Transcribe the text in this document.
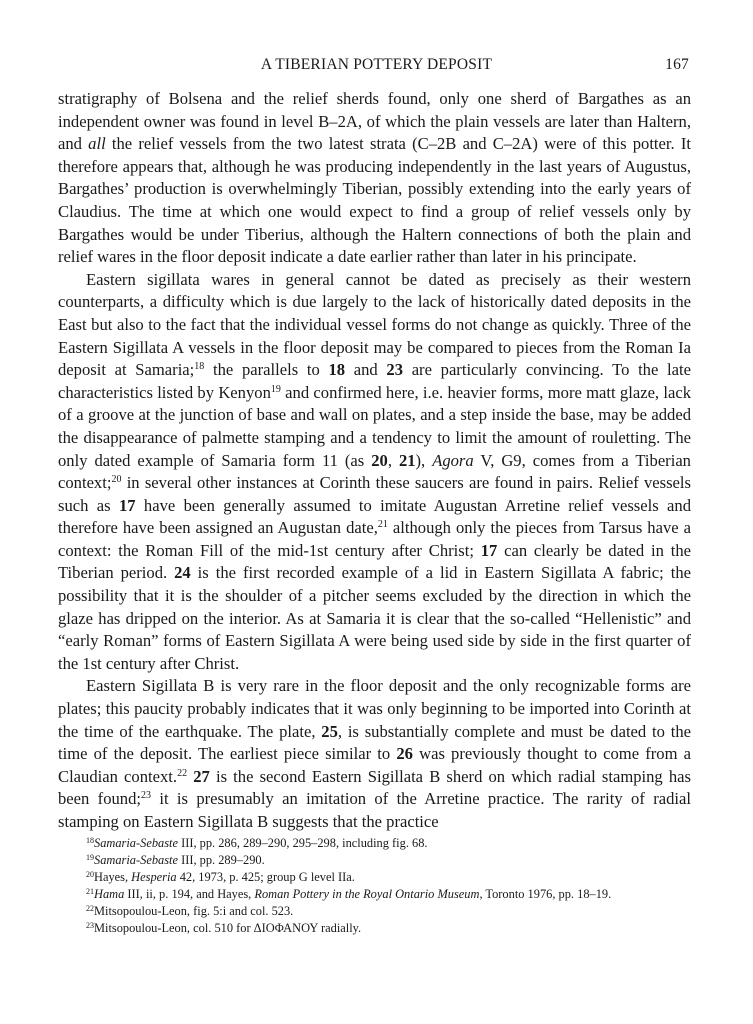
A TIBERIAN POTTERY DEPOSIT	167

stratigraphy of Bolsena and the relief sherds found, only one sherd of Bargathes as an independent owner was found in level B–2A, of which the plain vessels are later than Haltern, and all the relief vessels from the two latest strata (C–2B and C–2A) were of this potter. It therefore appears that, although he was producing independently in the last years of Augustus, Bargathes’ production is overwhelmingly Tiberian, possibly extending into the early years of Claudius. The time at which one would expect to find a group of relief vessels only by Bargathes would be under Tiberius, although the Haltern connections of both the plain and relief wares in the floor deposit indicate a date earlier rather than later in his principate.

Eastern sigillata wares in general cannot be dated as precisely as their western counterparts, a difficulty which is due largely to the lack of historically dated deposits in the East but also to the fact that the individual vessel forms do not change as quickly. Three of the Eastern Sigillata A vessels in the floor deposit may be compared to pieces from the Roman Ia deposit at Samaria;$^{18}$ the parallels to 18 and 23 are particularly convincing. To the late characteristics listed by Kenyon$^{19}$ and confirmed here, i.e. heavier forms, more matt glaze, lack of a groove at the junction of base and wall on plates, and a step inside the base, may be added the disappearance of palmette stamping and a tendency to limit the amount of rouletting. The only dated example of Samaria form 11 (as 20, 21), Agora V, G9, comes from a Tiberian context;$^{20}$ in several other instances at Corinth these saucers are found in pairs. Relief vessels such as 17 have been generally assumed to imitate Augustan Arretine relief vessels and therefore have been assigned an Augustan date,$^{21}$ although only the pieces from Tarsus have a context: the Roman Fill of the mid-1st century after Christ; 17 can clearly be dated in the Tiberian period. 24 is the first recorded example of a lid in Eastern Sigillata A fabric; the possibility that it is the shoulder of a pitcher seems excluded by the direction in which the glaze has dripped on the interior. As at Samaria it is clear that the so-called “Hellenistic” and “early Roman” forms of Eastern Sigillata A were being used side by side in the first quarter of the 1st century after Christ.

Eastern Sigillata B is very rare in the floor deposit and the only recognizable forms are plates; this paucity probably indicates that it was only beginning to be imported into Corinth at the time of the earthquake. The plate, 25, is substantially complete and must be dated to the time of the deposit. The earliest piece similar to 26 was previously thought to come from a Claudian context.$^{22}$ 27 is the second Eastern Sigillata B sherd on which radial stamping has been found;$^{23}$ it is presumably an imitation of the Arretine practice. The rarity of radial stamping on Eastern Sigillata B suggests that the practice

$^{18}$Samaria-Sebaste III, pp. 286, 289–290, 295–298, including fig. 68.

$^{19}$Samaria-Sebaste III, pp. 289–290.

$^{20}$Hayes, Hesperia 42, 1973, p. 425; group G level IIa.

$^{21}$Hama III, ii, p. 194, and Hayes, Roman Pottery in the Royal Ontario Museum, Toronto 1976, pp. 18–19.

$^{22}$Mitsopoulou-Leon, fig. 5:i and col. 523.

$^{23}$Mitsopoulou-Leon, col. 510 for ΔΙΟΦΑΝΟΥ radially.
